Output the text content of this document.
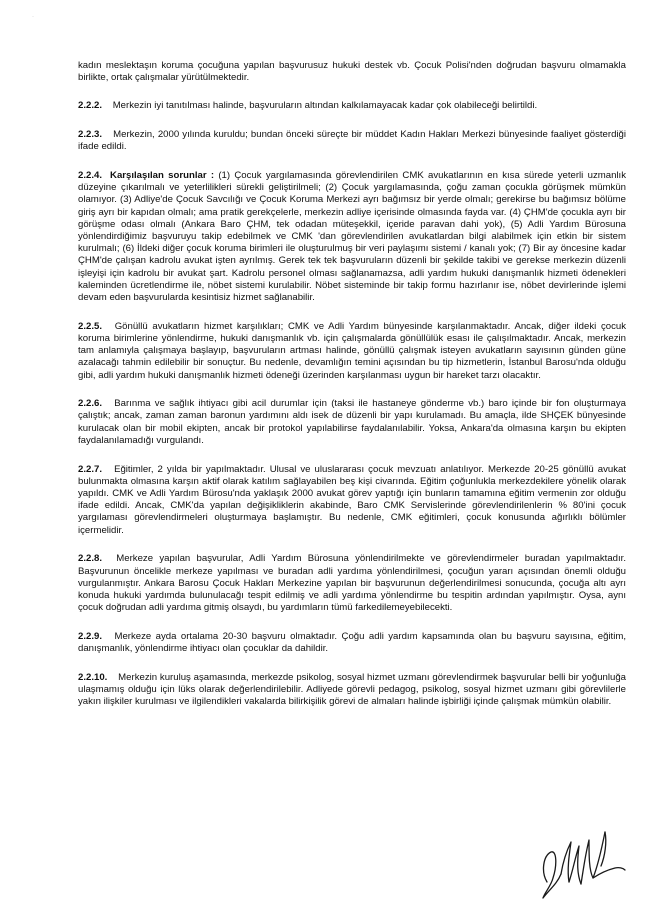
·

kadın meslektaşın koruma çocuğuna yapılan başvurusuz hukuki destek vb. Çocuk Polisi'nden doğrudan başvuru olmamakla birlikte, ortak çalışmalar yürütülmektedir.

2.2.2. Merkezin iyi tanıtılması halinde, başvuruların altından kalkılamayacak kadar çok olabileceği belirtildi.

2.2.3. Merkezin, 2000 yılında kuruldu; bundan önceki süreçte bir müddet Kadın Hakları Merkezi bünyesinde faaliyet gösterdiği ifade edildi.

2.2.4. Karşılaşılan sorunlar : (1) Çocuk yargılamasında görevlendirilen CMK avukatlarının en kısa sürede yeterli uzmanlık düzeyine çıkarılmalı ve yeterlilikleri sürekli geliştirilmeli; (2) Çocuk yargılamasında, çoğu zaman çocukla görüşmek mümkün olamıyor. (3) Adliye'de Çocuk Savcılığı ve Çocuk Koruma Merkezi ayrı bağımsız bir yerde olmalı; gerekirse bu bağımsız bölüme giriş ayrı bir kapıdan olmalı; ama pratik gerekçelerle, merkezin adliye içerisinde olmasında fayda var. (4) ÇHM'de çocukla ayrı bir görüşme odası olmalı (Ankara Baro ÇHM, tek odadan müteşekkil, içeride paravan dahi yok), (5) Adli Yardım Bürosuna yönlendirdiğimiz başvuruyu takip edebilmek ve CMK 'dan görevlendirilen avukatlardan bilgi alabilmek için etkin bir sistem kurulmalı; (6) İldeki diğer çocuk koruma birimleri ile oluşturulmuş bir veri paylaşımı sistemi / kanalı yok; (7) Bir ay öncesine kadar ÇHM'de çalışan kadrolu avukat işten ayrılmış. Gerek tek tek başvuruların düzenli bir şekilde takibi ve gerekse merkezin düzenli işleyişi için kadrolu bir avukat şart. Kadrolu personel olması sağlanamazsa, adli yardım hukuki danışmanlık hizmeti ödenekleri kaleminden ücretlendirme ile, nöbet sistemi kurulabilir. Nöbet sisteminde bir takip formu hazırlanır ise, nöbet devirlerinde işlemi devam eden başvurularda kesintisiz hizmet sağlanabilir.

2.2.5. Gönüllü avukatların hizmet karşılıkları; CMK ve Adli Yardım bünyesinde karşılanmaktadır. Ancak, diğer ildeki çocuk koruma birimlerine yönlendirme, hukuki danışmanlık vb. için çalışmalarda gönüllülük esası ile çalışılmaktadır. Ancak, merkezin tam anlamıyla çalışmaya başlayıp, başvuruların artması halinde, gönüllü çalışmak isteyen avukatların sayısının günden güne azalacağı tahmin edilebilir bir sonuçtur. Bu nedenle, devamlığın temini açısından bu tip hizmetlerin, İstanbul Barosu'nda olduğu gibi, adli yardım hukuki danışmanlık hizmeti ödeneği üzerinden karşılanması uygun bir hareket tarzı olacaktır.

2.2.6. Barınma ve sağlık ihtiyacı gibi acil durumlar için (taksi ile hastaneye gönderme vb.) baro içinde bir fon oluşturmaya çalıştık; ancak, zaman zaman baronun yardımını aldı isek de düzenli bir yapı kurulamadı. Bu amaçla, ilde SHÇEK bünyesinde kurulacak olan bir mobil ekipten, ancak bir protokol yapılabilirse faydalanılabilir. Yoksa, Ankara'da olmasına karşın bu ekipten faydalanılamadığı vurgulandı.

2.2.7. Eğitimler, 2 yılda bir yapılmaktadır. Ulusal ve uluslararası çocuk mevzuatı anlatılıyor. Merkezde 20-25 gönüllü avukat bulunmakta olmasına karşın aktif olarak katılım sağlayabilen beş kişi civarında. Eğitim çoğunlukla merkezdekilere yönelik olarak yapıldı. CMK ve Adli Yardım Bürosu'nda yaklaşık 2000 avukat görev yaptığı için bunların tamamına eğitim vermenin zor olduğu ifade edildi. Ancak, CMK'da yapılan değişikliklerin akabinde, Baro CMK Servislerinde görevlendirilenlerin % 80'ini çocuk yargılaması görevlendirmeleri oluşturmaya başlamıştır. Bu nedenle, CMK eğitimleri, çocuk konusunda ağırlıklı bölümler içermelidir.

2.2.8. Merkeze yapılan başvurular, Adli Yardım Bürosuna yönlendirilmekte ve görevlendirmeler buradan yapılmaktadır. Başvurunun öncelikle merkeze yapılması ve buradan adli yardıma yönlendirilmesi, çocuğun yararı açısından önemli olduğu vurgulanmıştır. Ankara Barosu Çocuk Hakları Merkezine yapılan bir başvurunun değerlendirilmesi sonucunda, çocuğa altı ayrı konuda hukuki yardımda bulunulacağı tespit edilmiş ve adli yardıma yönlendirme bu tespitin ardından yapılmıştır. Oysa, aynı çocuk doğrudan adli yardıma gitmiş olsaydı, bu yardımların tümü farkedilemeyebilecekti.

2.2.9. Merkeze ayda ortalama 20-30 başvuru olmaktadır. Çoğu adli yardım kapsamında olan bu başvuru sayısına, eğitim, danışmanlık, yönlendirme ihtiyacı olan çocuklar da dahildir.

2.2.10. Merkezin kuruluş aşamasında, merkezde psikolog, sosyal hizmet uzmanı görevlendirmek başvurular belli bir yoğunluğa ulaşmamış olduğu için lüks olarak değerlendirilebilir. Adliyede görevli pedagog, psikolog, sosyal hizmet uzmanı gibi görevlilerle yakın ilişkiler kurulması ve ilgilendikleri vakalarda bilirkişilik görevi de almaları halinde işbirliği içinde çalışmak mümkün olabilir.
